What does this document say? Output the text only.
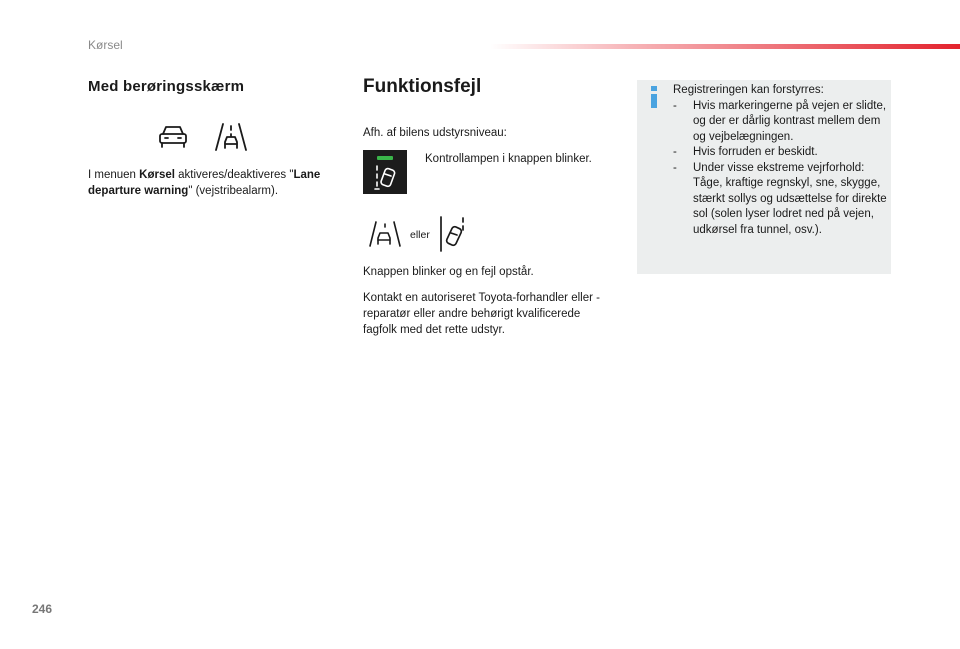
Kørsel
Med berøringsskærm
I menuen Kørsel aktiveres/deaktiveres "Lane departure warning" (vejstribealarm).
Funktionsfejl
Afh. af bilens udstyrsniveau:
Kontrollampen i knappen blinker.
eller
Knappen blinker og en fejl opstår.
Kontakt en autoriseret Toyota-forhandler eller -reparatør eller andre behørigt kvalificerede fagfolk med det rette udstyr.
Registreringen kan forstyrres:
- Hvis markeringerne på vejen er slidte, og der er dårlig kontrast mellem dem og vejbelægningen.
- Hvis forruden er beskidt.
- Under visse ekstreme vejrforhold: Tåge, kraftige regnskyl, sne, skygge, stærkt sollys og udsættelse for direkte sol (solen lyser lodret ned på vejen, udkørsel fra tunnel, osv.).
246
